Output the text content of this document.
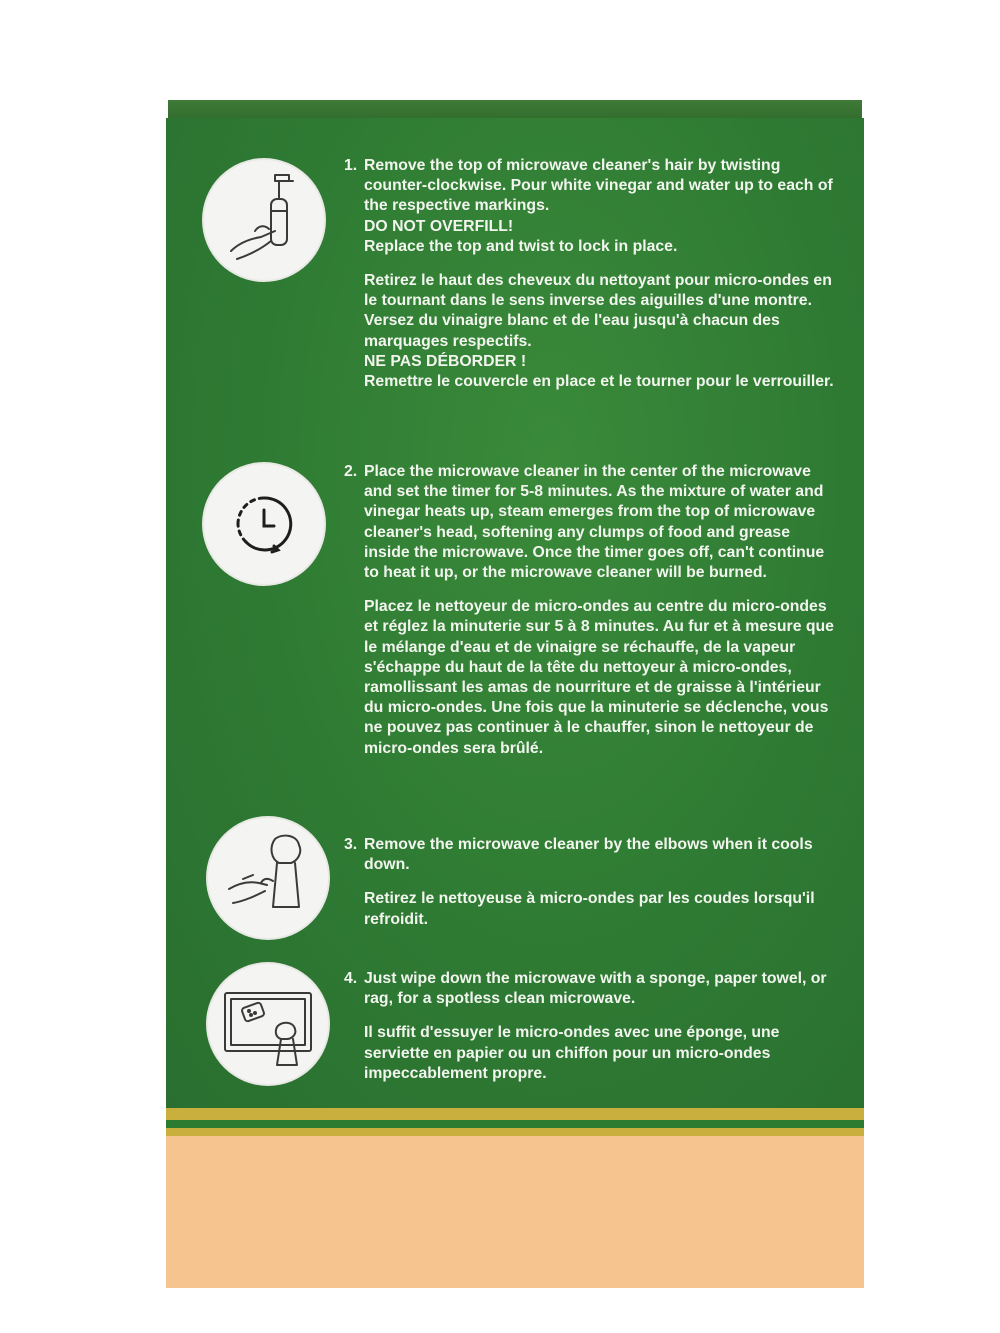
1. Remove the top of microwave cleaner's hair by twisting counter-clockwise. Pour white vinegar and water up to each of the respective markings.

DO NOT OVERFILL!

Replace the top and twist to lock in place.

Retirez le haut des cheveux du nettoyant pour micro-ondes en le tournant dans le sens inverse des aiguilles d'une montre. Versez du vinaigre blanc et de l'eau jusqu'à chacun des marquages respectifs.

NE PAS DÉBORDER !

Remettre le couvercle en place et le tourner pour le verrouiller.

2. Place the microwave cleaner in the center of the microwave and set the timer for 5-8 minutes. As the mixture of water and vinegar heats up, steam emerges from the top of microwave cleaner's head, softening any clumps of food and grease inside the microwave. Once the timer goes off, can't continue to heat it up, or the microwave cleaner will be burned.

Placez le nettoyeur de micro-ondes au centre du micro-ondes et réglez la minuterie sur 5 à 8 minutes. Au fur et à mesure que le mélange d'eau et de vinaigre se réchauffe, de la vapeur s'échappe du haut de la tête du nettoyeur à micro-ondes, ramollissant les amas de nourriture et de graisse à l'intérieur du micro-ondes. Une fois que la minuterie se déclenche, vous ne pouvez pas continuer à le chauffer, sinon le nettoyeur de micro-ondes sera brûlé.

3. Remove the microwave cleaner by the elbows when it cools down.

Retirez le nettoyeuse à micro-ondes par les coudes lorsqu'il refroidit.

4. Just wipe down the microwave with a sponge, paper towel, or rag, for a spotless clean microwave.

Il suffit d'essuyer le micro-ondes avec une éponge, une serviette en papier ou un chiffon pour un micro-ondes impeccablement propre.
